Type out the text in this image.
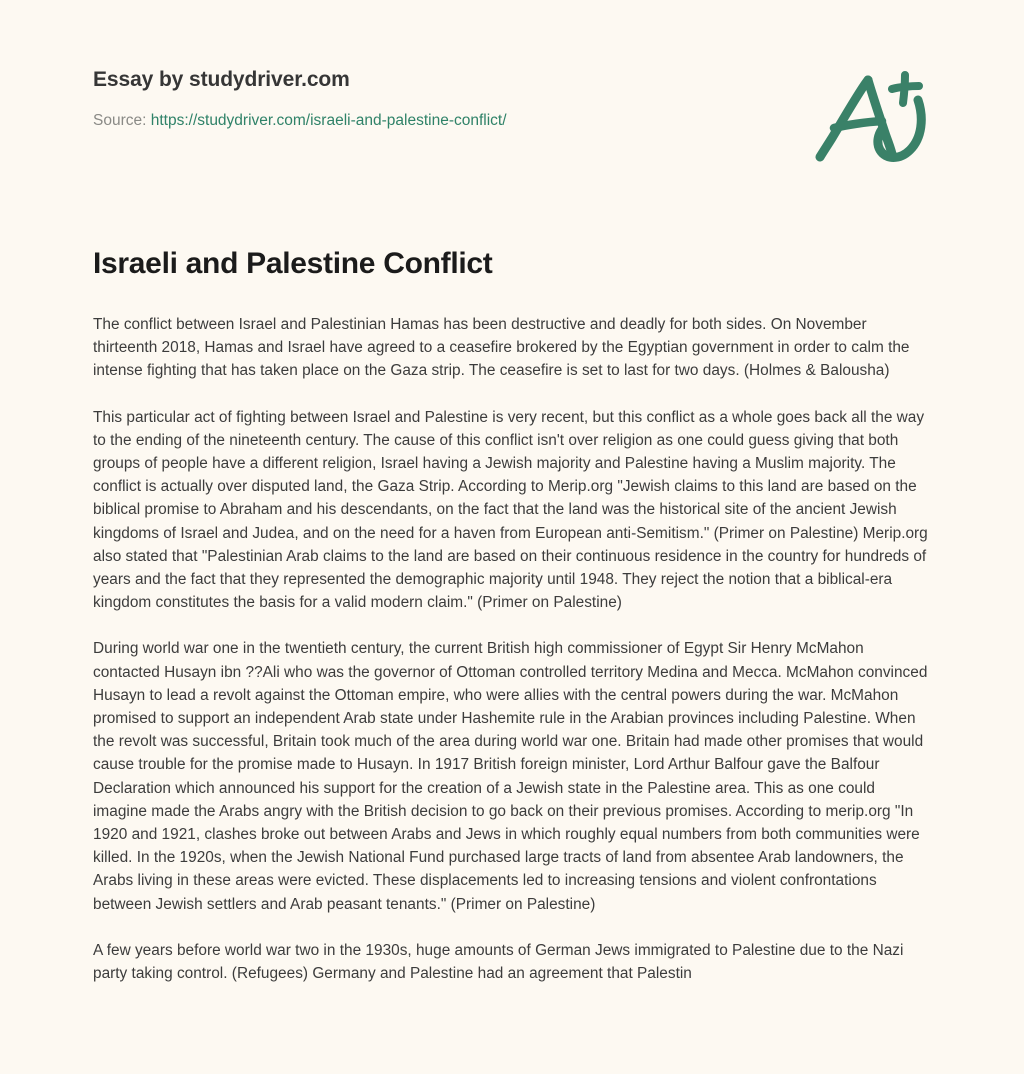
Essay by studydriver.com
Source: https://studydriver.com/israeli-and-palestine-conflict/
Israeli and Palestine Conflict

The conflict between Israel and Palestinian Hamas has been destructive and deadly for both sides. On November thirteenth 2018, Hamas and Israel have agreed to a ceasefire brokered by the Egyptian government in order to calm the intense fighting that has taken place on the Gaza strip. The ceasefire is set to last for two days. (Holmes & Balousha)

This particular act of fighting between Israel and Palestine is very recent, but this conflict as a whole goes back all the way to the ending of the nineteenth century. The cause of this conflict isn't over religion as one could guess giving that both groups of people have a different religion, Israel having a Jewish majority and Palestine having a Muslim majority. The conflict is actually over disputed land, the Gaza Strip. According to Merip.org "Jewish claims to this land are based on the biblical promise to Abraham and his descendants, on the fact that the land was the historical site of the ancient Jewish kingdoms of Israel and Judea, and on the need for a haven from European anti-Semitism." (Primer on Palestine) Merip.org also stated that "Palestinian Arab claims to the land are based on their continuous residence in the country for hundreds of years and the fact that they represented the demographic majority until 1948. They reject the notion that a biblical-era kingdom constitutes the basis for a valid modern claim." (Primer on Palestine)

During world war one in the twentieth century, the current British high commissioner of Egypt Sir Henry McMahon contacted Husayn ibn ??Ali who was the governor of Ottoman controlled territory Medina and Mecca. McMahon convinced Husayn to lead a revolt against the Ottoman empire, who were allies with the central powers during the war. McMahon promised to support an independent Arab state under Hashemite rule in the Arabian provinces including Palestine. When the revolt was successful, Britain took much of the area during world war one. Britain had made other promises that would cause trouble for the promise made to Husayn. In 1917 British foreign minister, Lord Arthur Balfour gave the Balfour Declaration which announced his support for the creation of a Jewish state in the Palestine area. This as one could imagine made the Arabs angry with the British decision to go back on their previous promises. According to merip.org "In 1920 and 1921, clashes broke out between Arabs and Jews in which roughly equal numbers from both communities were killed. In the 1920s, when the Jewish National Fund purchased large tracts of land from absentee Arab landowners, the Arabs living in these areas were evicted. These displacements led to increasing tensions and violent confrontations between Jewish settlers and Arab peasant tenants." (Primer on Palestine)

A few years before world war two in the 1930s, huge amounts of German Jews immigrated to Palestine due to the Nazi party taking control. (Refugees) Germany and Palestine had an agreement that Palestin
